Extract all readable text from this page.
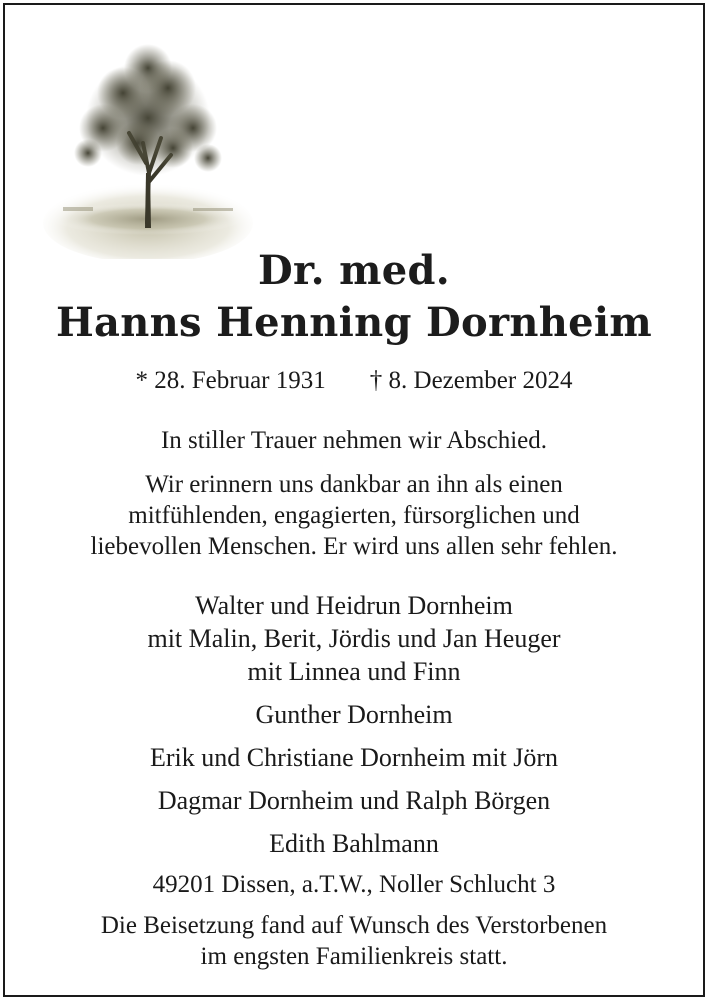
Dr. med.
Hanns Henning Dornheim
* 28. Februar 1931 † 8. Dezember 2024
In stiller Trauer nehmen wir Abschied.
Wir erinnern uns dankbar an ihn als einen
mitfühlenden, engagierten, fürsorglichen und
liebevollen Menschen. Er wird uns allen sehr fehlen.
Walter und Heidrun Dornheim
mit Malin, Berit, Jördis und Jan Heuger
mit Linnea und Finn
Gunther Dornheim
Erik und Christiane Dornheim mit Jörn
Dagmar Dornheim und Ralph Börgen
Edith Bahlmann
49201 Dissen, a.T.W., Noller Schlucht 3
Die Beisetzung fand auf Wunsch des Verstorbenen
im engsten Familienkreis statt.
